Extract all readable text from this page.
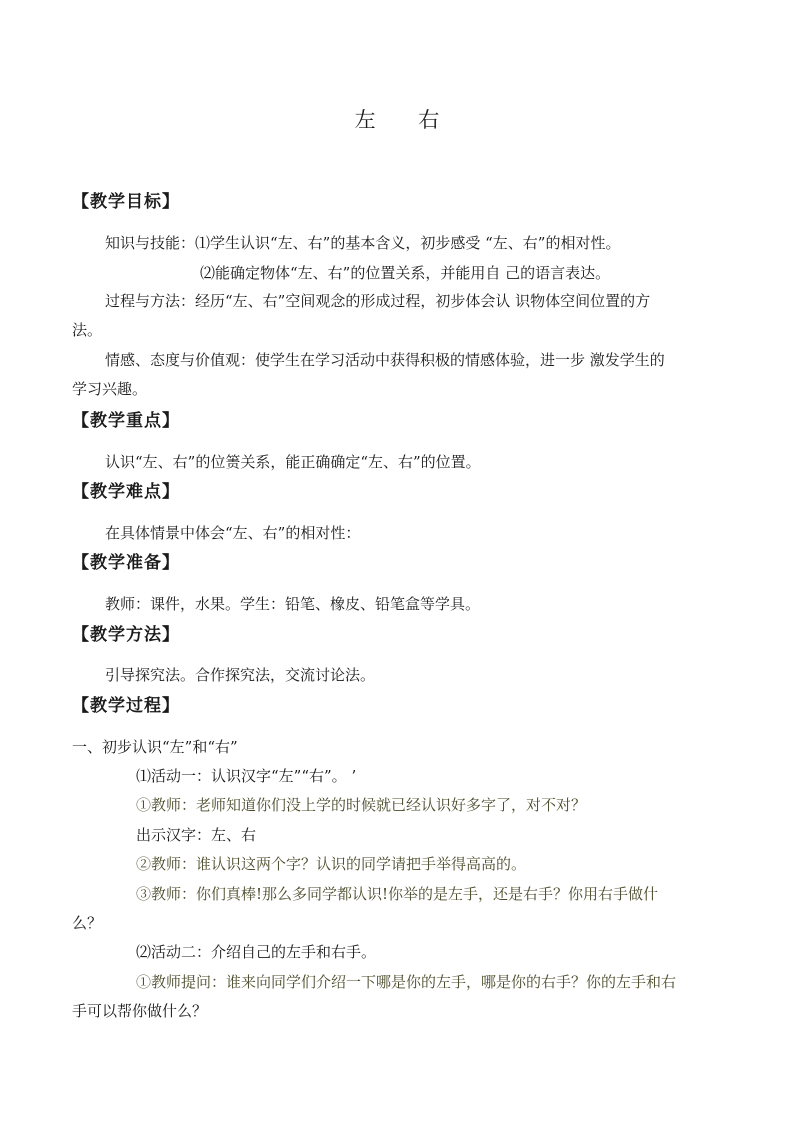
左 右
【教学目标】
知识与技能：⑴学生认识“左、右”的基本含义，初步感受 “左、右”的相对性。
⑵能确定物体“左、右”的位置关系，并能用自 己的语言表达。
过程与方法：经历“左、右”空间观念的形成过程，初步体会认 识物体空间位置的方
法。
情感、态度与价值观：使学生在学习活动中获得积极的情感体验，进一步 激发学生的
学习兴趣。
【教学重点】
认识“左、右”的位箦关系，能正确确定“左、右”的位置。
【教学难点】
在具体情景中体会“左、右”的相对性：
【教学准备】
教师：课件，水果。学生：铅笔、橡皮、铅笔盒等学具。
【教学方法】
引导探究法。合作探究法，交流讨论法。
【教学过程】
一、初步认识“左”和“右”
⑴活动一：认识汉字“左”“右”。 ’
①教师：老师知道你们没上学的时候就已经认识好多字了，对不对？
出示汉字：左、右
②教师：谁认识这两个字？认识的同学请把手举得高高的。
③教师：你们真棒!那么多同学都认识!你举的是左手，还是右手？你用右手做什
么？
⑵活动二：介绍自己的左手和右手。
①教师提问：谁来向同学们介绍一下哪是你的左手，哪是你的右手？你的左手和右
手可以帮你做什么？
